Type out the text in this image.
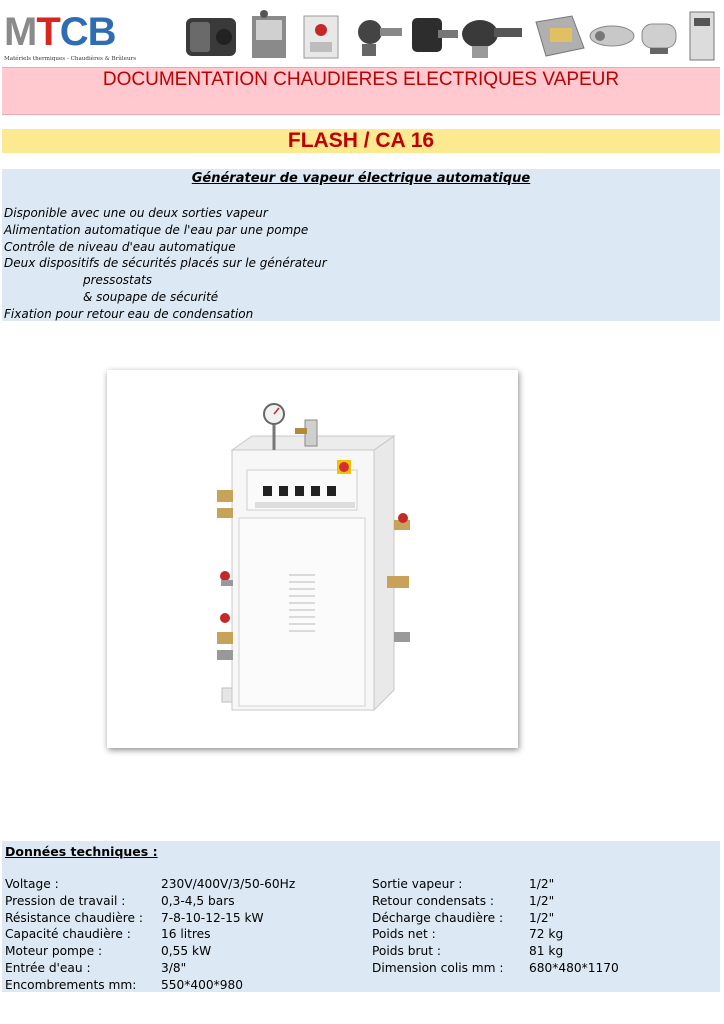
MTCB
Matériels thermiques - Chaudières & Brûleurs
DOCUMENTATION CHAUDIERES ELECTRIQUES VAPEUR
FLASH / CA 16
Générateur de vapeur électrique automatique
Disponible avec une ou deux sorties vapeur
Alimentation automatique de l'eau par une pompe
Contrôle de niveau d'eau automatique
Deux dispositifs de sécurités placés sur le générateur
pressostats
& soupape de sécurité
Fixation pour retour eau de condensation
Données techniques :
Voltage :
Pression de travail :
Résistance chaudière :
Capacité chaudière :
Moteur pompe :
Entrée d'eau :
Encombrements mm:
230V/400V/3/50-60Hz
0,3-4,5 bars
7-8-10-12-15 kW
16 litres
0,55 kW
3/8"
550*400*980
Sortie vapeur :
Retour condensats :
Décharge chaudière :
Poids net :
Poids brut :
Dimension colis mm :
1/2"
1/2"
1/2"
72 kg
81 kg
680*480*1170
